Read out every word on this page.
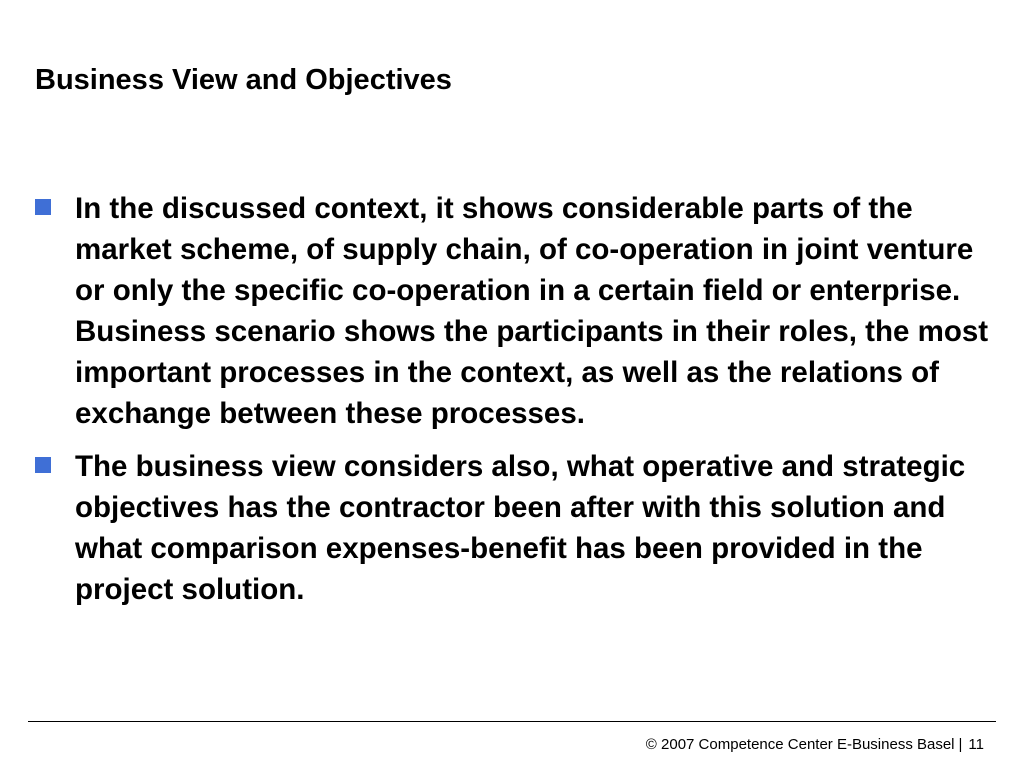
Business View and Objectives
In the discussed context, it shows considerable parts of the market scheme, of supply chain, of co-operation in joint venture or only the specific co-operation in a certain field or enterprise. Business scenario shows the participants in their roles, the most important processes in the context, as well as the relations of exchange between these processes.
The business view considers also, what operative and strategic objectives has the contractor been after with this solution and what comparison expenses-benefit has been provided in the project solution.
© 2007 Competence Center E-Business Basel | 11
